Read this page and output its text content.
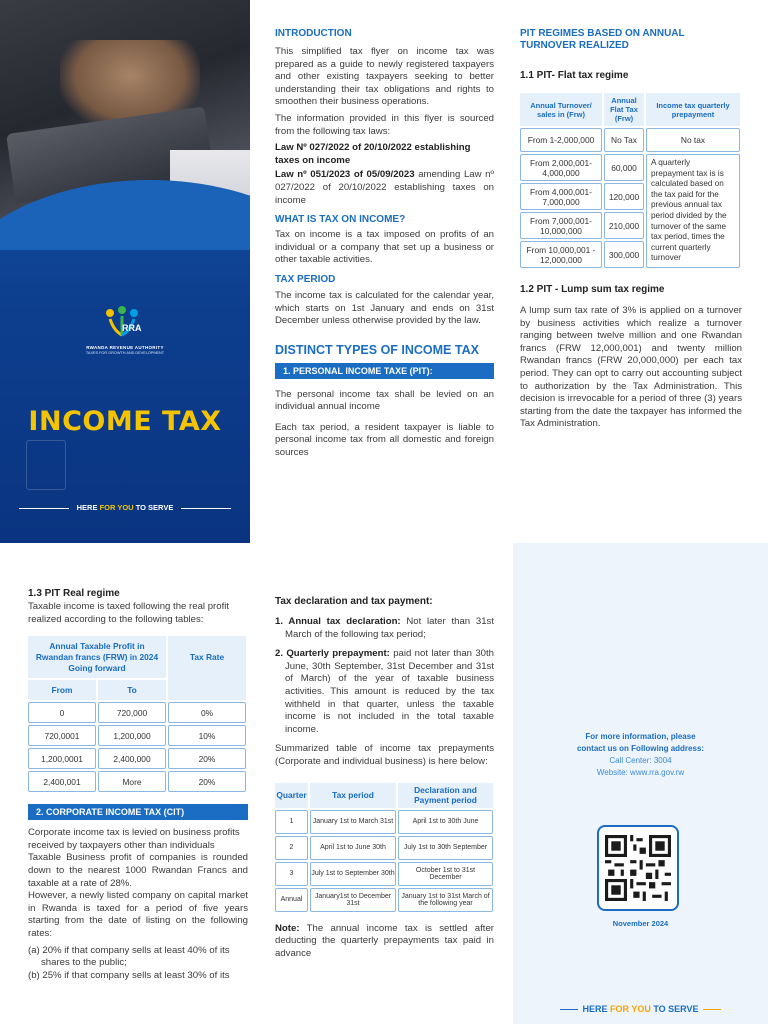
RRA
RWANDA REVENUE AUTHORITY
TAXES FOR GROWTH AND DEVELOPMENT
INCOME TAX
HERE FOR YOU TO SERVE
INTRODUCTION
This simplified tax flyer on income tax was prepared as a guide to newly registered taxpayers and other existing taxpayers seeking to better understanding their tax obligations and rights to smoothen their business operations.
The information provided in this flyer is sourced from the following tax laws:
Law Nº 027/2022 of 20/10/2022 establishing taxes on income
Law nº 051/2023 of 05/09/2023 amending Law nº 027/2022 of 20/10/2022 establishing taxes on income
WHAT IS TAX ON INCOME?
Tax on income is a tax imposed on profits of an individual or a company that set up a business or other taxable activities.
TAX PERIOD
The income tax is calculated for the calendar year, which starts on 1st January and ends on 31st December unless otherwise provided by the law.
DISTINCT TYPES OF INCOME TAX
1. PERSONAL INCOME TAXE (PIT):
The personal income tax shall be levied on an individual annual income
Each tax period, a resident taxpayer is liable to personal income tax from all domestic and foreign sources
PIT REGIMES BASED ON ANNUAL TURNOVER REALIZED
1.1 PIT- Flat tax regime
Annual Turnover/ sales in (Frw)	Annual Flat Tax (Frw)	Income tax quarterly prepayment
From 1-2,000,000	No Tax	No tax
From 2,000,001- 4,000,000	60,000	A quarterly prepayment tax is is calculated based on the tax paid for the previous annual tax period divided by the turnover of the same tax period, times the current quarterly turnover
From 4,000,001- 7,000,000	120,000	
From 7,000,001- 10,000,000	210,000	
From 10,000,001 - 12,000,000	300,000	
1.2 PIT - Lump sum tax regime
A lump sum tax rate of 3% is applied on a turnover by business activities which realize a turnover ranging between twelve million and one Rwandan francs (FRW 12,000,001) and twenty million Rwandan francs (FRW 20,000,000) per each tax period. They can opt to carry out accounting subject to authorization by the Tax Administration. This decision is irrevocable for a period of three (3) years starting from the date the taxpayer has informed the Tax Administration.
1.3 PIT Real regime
Taxable income is taxed following the real profit realized according to the following tables:
Annual Taxable Profit in Rwandan francs (FRW) in 2024 Going forward		Tax Rate
From	To	
0	720,000	0%
720,0001	1,200,000	10%
1,200,0001	2,400,000	20%
2,400,001	More	20%
2. CORPORATE INCOME TAX (CIT)
Corporate income tax is levied on business profits received by taxpayers other than individuals
Taxable Business profit of companies is rounded down to the nearest 1000 Rwandan Francs and taxable at a rate of 28%.
However, a newly listed company on capital market in Rwanda is taxed for a period of five years starting from the date of listing on the following rates:
(a) 20% if that company sells at least 40% of its shares to the public;
(b) 25% if that company sells at least 30% of its
Tax declaration and tax payment:
1. Annual tax declaration: Not later than 31st March of the following tax period;
2. Quarterly prepayment: paid not later than 30th June, 30th September, 31st December and 31st of March) of the year of taxable business activities. This amount is reduced by the tax withheld in that quarter, unless the taxable income is not included in the total taxable income.
Summarized table of income tax prepayments (Corporate and individual business) is here below:
Quarter	Tax period	Declaration and Payment period
1	January 1st to March 31st	April 1st to 30th June
2	April 1st to June 30th	July 1st to 30th September
3	July 1st to September 30th	October 1st to 31st December
Annual	January1st to December 31st	January 1st to 31st March of the following year
Note: The annual income tax is settled after deducting the quarterly prepayments tax paid in advance
For more information, please
contact us on Following address:
Call Center: 3004
Website: www.rra.gov.rw
November 2024
HERE FOR YOU TO SERVE
